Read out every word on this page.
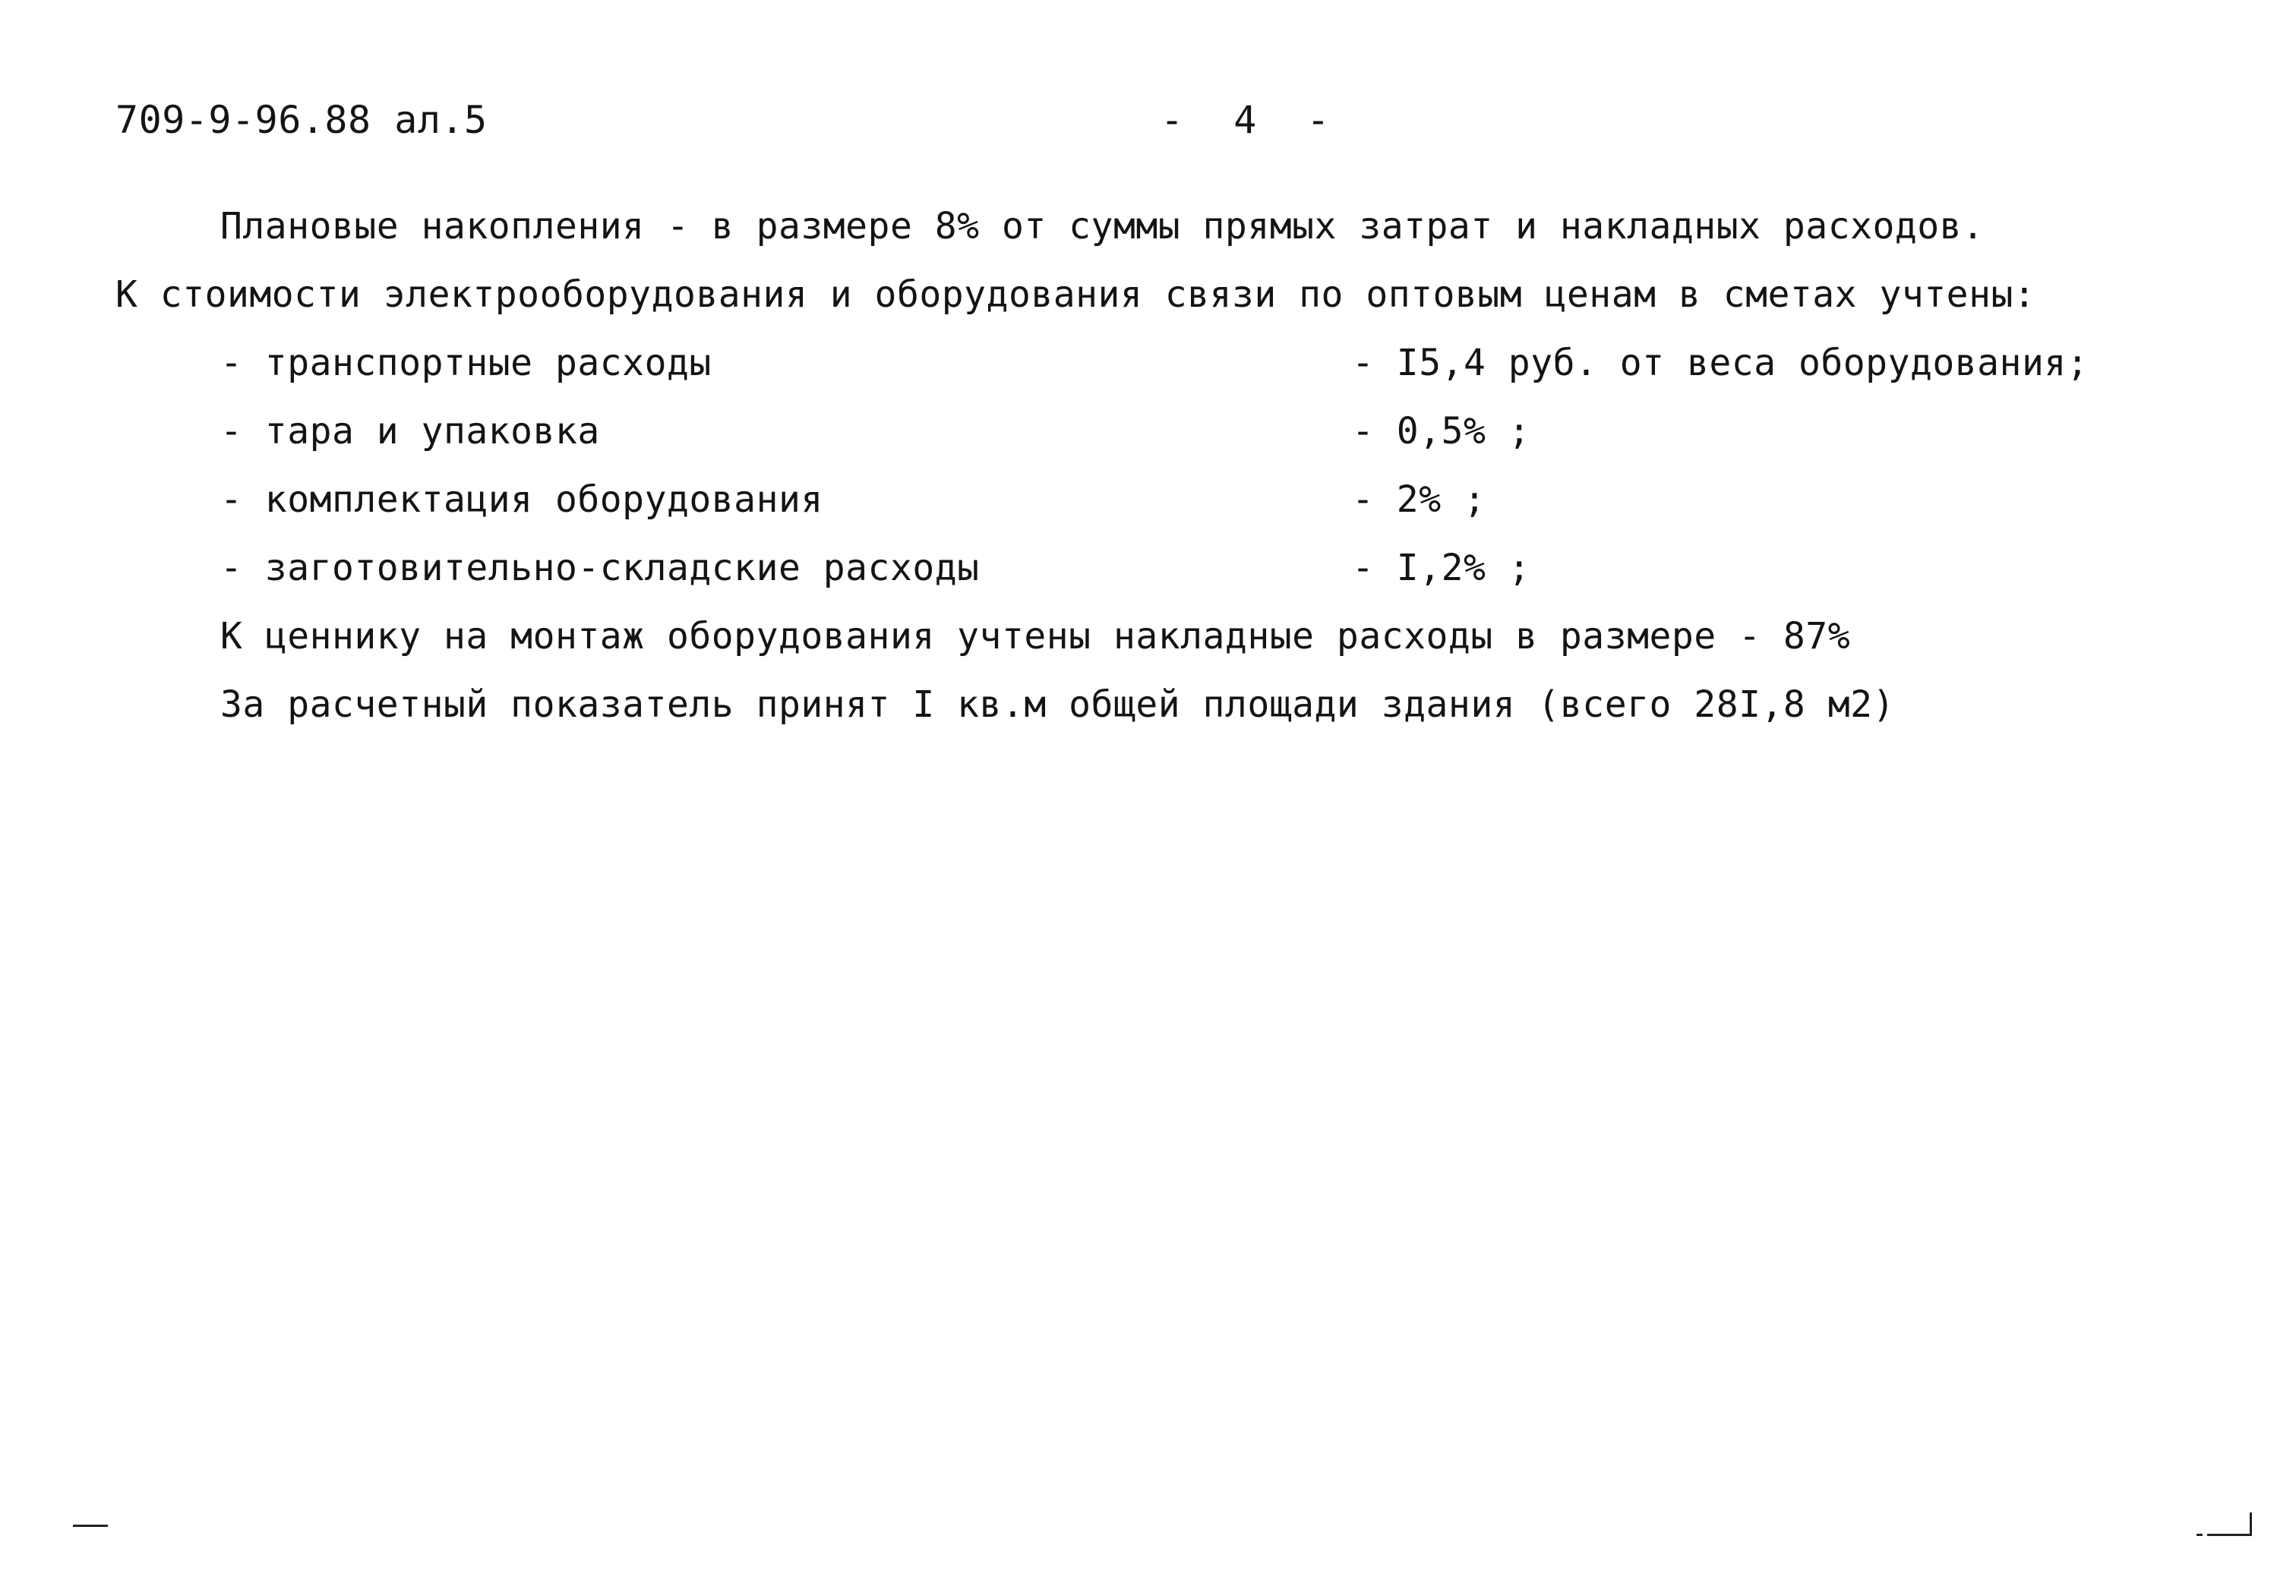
709-9-96.88 ал.5	- 4 -
Плановые накопления - в размере 8% от суммы прямых затрат и накладных расходов.
К стоимости электрооборудования и оборудования связи по оптовым ценам в сметах учтены:
- транспортные расходы	- I5,4 руб. от веса оборудования;
- тара и упаковка	- 0,5% ;
- комплектация оборудования	- 2% ;
- заготовительно-складские расходы	- I,2% ;
К ценнику на монтаж оборудования учтены накладные расходы в размере - 87%
За расчетный показатель принят I кв.м общей площади здания (всего 28I,8 м2)
